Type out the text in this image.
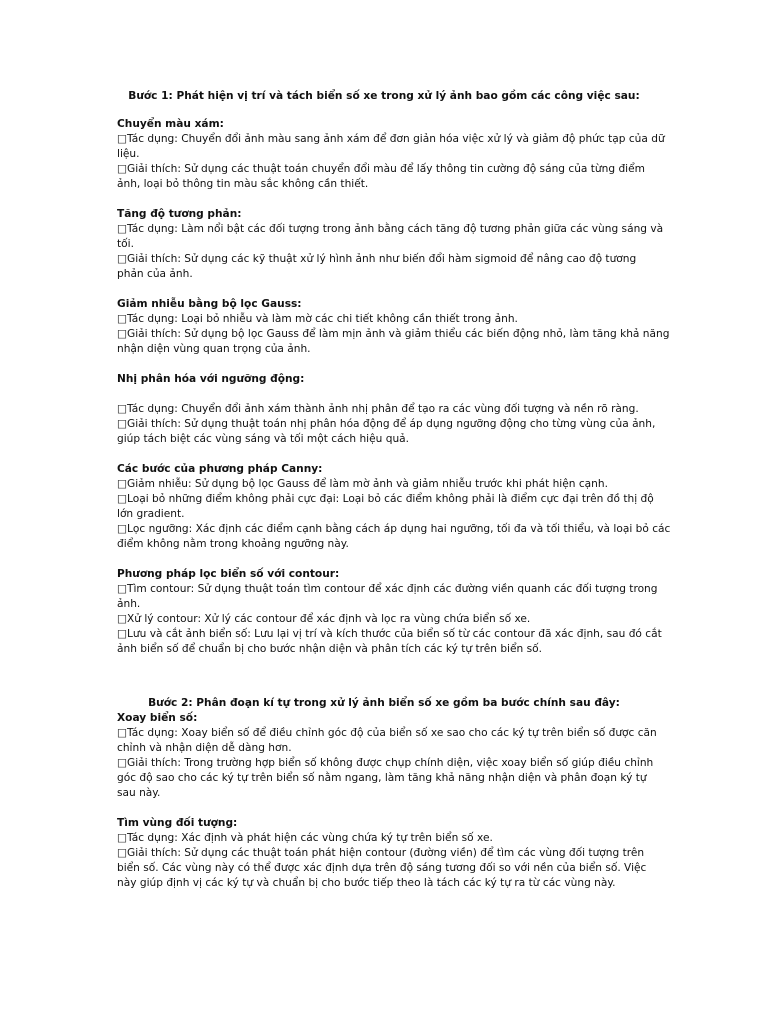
Bước 1: Phát hiện vị trí và tách biển số xe trong xử lý ảnh bao gồm các công việc sau:
Chuyển màu xám:
□Tác dụng: Chuyển đổi ảnh màu sang ảnh xám để đơn giản hóa việc xử lý và giảm độ phức tạp của dữ
liệu.
□Giải thích: Sử dụng các thuật toán chuyển đổi màu để lấy thông tin cường độ sáng của từng điểm
ảnh, loại bỏ thông tin màu sắc không cần thiết.
Tăng độ tương phản:
□Tác dụng: Làm nổi bật các đối tượng trong ảnh bằng cách tăng độ tương phản giữa các vùng sáng và
tối.
□Giải thích: Sử dụng các kỹ thuật xử lý hình ảnh như biến đổi hàm sigmoid để nâng cao độ tương
phản của ảnh.
Giảm nhiễu bằng bộ lọc Gauss:
□Tác dụng: Loại bỏ nhiễu và làm mờ các chi tiết không cần thiết trong ảnh.
□Giải thích: Sử dụng bộ lọc Gauss để làm mịn ảnh và giảm thiểu các biến động nhỏ, làm tăng khả năng
nhận diện vùng quan trọng của ảnh.
Nhị phân hóa với ngưỡng động:

□Tác dụng: Chuyển đổi ảnh xám thành ảnh nhị phân để tạo ra các vùng đối tượng và nền rõ ràng.
□Giải thích: Sử dụng thuật toán nhị phân hóa động để áp dụng ngưỡng động cho từng vùng của ảnh,
giúp tách biệt các vùng sáng và tối một cách hiệu quả.
Các bước của phương pháp Canny:
□Giảm nhiễu: Sử dụng bộ lọc Gauss để làm mờ ảnh và giảm nhiễu trước khi phát hiện cạnh.
□Loại bỏ những điểm không phải cực đại: Loại bỏ các điểm không phải là điểm cực đại trên đồ thị độ
lớn gradient.
□Lọc ngưỡng: Xác định các điểm cạnh bằng cách áp dụng hai ngưỡng, tối đa và tối thiểu, và loại bỏ các
điểm không nằm trong khoảng ngưỡng này.
Phương pháp lọc biển số với contour:
□Tìm contour: Sử dụng thuật toán tìm contour để xác định các đường viền quanh các đối tượng trong
ảnh.
□Xử lý contour: Xử lý các contour để xác định và lọc ra vùng chứa biển số xe.
□Lưu và cắt ảnh biển số: Lưu lại vị trí và kích thước của biển số từ các contour đã xác định, sau đó cắt
ảnh biển số để chuẩn bị cho bước nhận diện và phân tích các ký tự trên biển số.
Bước 2: Phân đoạn kí tự trong xử lý ảnh biển số xe gồm ba bước chính sau đây:
Xoay biển số:
□Tác dụng: Xoay biển số để điều chỉnh góc độ của biển số xe sao cho các ký tự trên biển số được căn
chỉnh và nhận diện dễ dàng hơn.
□Giải thích: Trong trường hợp biển số không được chụp chính diện, việc xoay biển số giúp điều chỉnh
góc độ sao cho các ký tự trên biển số nằm ngang, làm tăng khả năng nhận diện và phân đoạn ký tự
sau này.
Tìm vùng đối tượng:
□Tác dụng: Xác định và phát hiện các vùng chứa ký tự trên biển số xe.
□Giải thích: Sử dụng các thuật toán phát hiện contour (đường viền) để tìm các vùng đối tượng trên
biển số. Các vùng này có thể được xác định dựa trên độ sáng tương đối so với nền của biển số. Việc
này giúp định vị các ký tự và chuẩn bị cho bước tiếp theo là tách các ký tự ra từ các vùng này.
